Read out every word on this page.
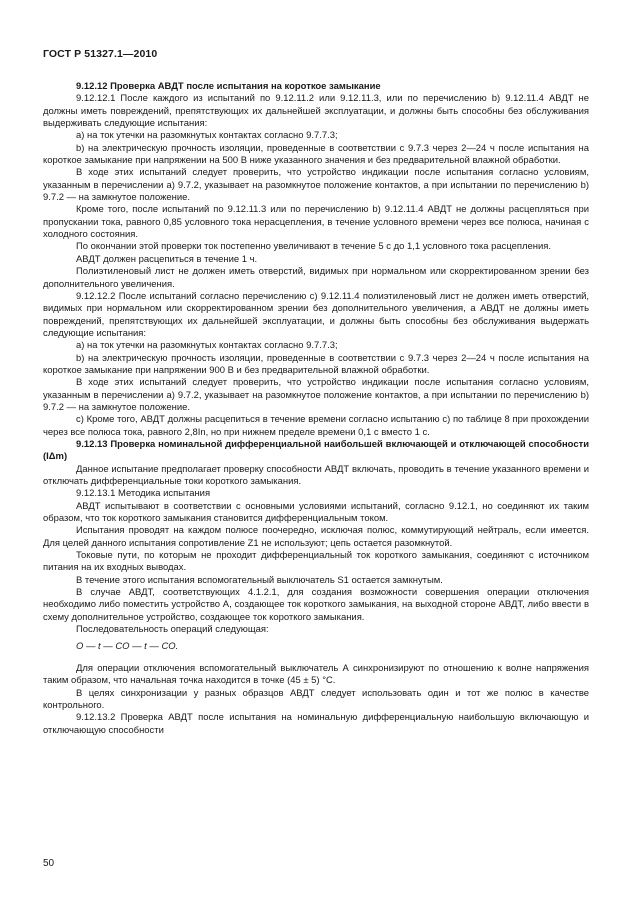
ГОСТ Р 51327.1—2010

9.12.12 Проверка АВДТ после испытания на короткое замыкание

9.12.12.1 После каждого из испытаний по 9.12.11.2 или 9.12.11.3, или по перечислению b) 9.12.11.4 АВДТ не должны иметь повреждений, препятствующих их дальнейшей эксплуатации, и должны быть способны без обслуживания выдерживать следующие испытания:

a) на ток утечки на разомкнутых контактах согласно 9.7.7.3;

b) на электрическую прочность изоляции, проведенные в соответствии с 9.7.3 через 2—24 ч после испытания на короткое замыкание при напряжении на 500 В ниже указанного значения и без предварительной влажной обработки.

В ходе этих испытаний следует проверить, что устройство индикации после испытания согласно условиям, указанным в перечислении а) 9.7.2, указывает на разомкнутое положение контактов, а при испытании по перечислению b) 9.7.2 — на замкнутое положение.

Кроме того, после испытаний по 9.12.11.3 или по перечислению b) 9.12.11.4 АВДТ не должны расцепляться при пропускании тока, равного 0,85 условного тока нерасцепления, в течение условного времени через все полюса, начиная с холодного состояния.

По окончании этой проверки ток постепенно увеличивают в течение 5 с до 1,1 условного тока расцепления.

АВДТ должен расцепиться в течение 1 ч.

Полиэтиленовый лист не должен иметь отверстий, видимых при нормальном или скорректированном зрении без дополнительного увеличения.

9.12.12.2 После испытаний согласно перечислению с) 9.12.11.4 полиэтиленовый лист не должен иметь отверстий, видимых при нормальном или скорректированном зрении без дополнительного увеличения, а АВДТ не должны иметь повреждений, препятствующих их дальнейшей эксплуатации, и должны быть способны без обслуживания выдержать следующие испытания:

a) на ток утечки на разомкнутых контактах согласно 9.7.7.3;

b) на электрическую прочность изоляции, проведенные в соответствии с 9.7.3 через 2—24 ч после испытания на короткое замыкание при напряжении 900 В и без предварительной влажной обработки.

В ходе этих испытаний следует проверить, что устройство индикации после испытания согласно условиям, указанным в перечислении а) 9.7.2, указывает на разомкнутое положение контактов, а при испытании по перечислению b) 9.7.2 — на замкнутое положение.

c) Кроме того, АВДТ должны расцепиться в течение времени согласно испытанию с) по таблице 8 при прохождении через все полюса тока, равного 2,8In, но при нижнем пределе времени 0,1 с вместо 1 с.

9.12.13 Проверка номинальной дифференциальной наибольшей включающей и отключающей способности (IΔm)

Данное испытание предполагает проверку способности АВДТ включать, проводить в течение указанного времени и отключать дифференциальные токи короткого замыкания.

9.12.13.1 Методика испытания

АВДТ испытывают в соответствии с основными условиями испытаний, согласно 9.12.1, но соединяют их таким образом, что ток короткого замыкания становится дифференциальным током.

Испытания проводят на каждом полюсе поочередно, исключая полюс, коммутирующий нейтраль, если имеется. Для целей данного испытания сопротивление Z1 не используют; цепь остается разомкнутой.

Токовые пути, по которым не проходит дифференциальный ток короткого замыкания, соединяют с источником питания на их входных выводах.

В течение этого испытания вспомогательный выключатель S1 остается замкнутым.

В случае АВДТ, соответствующих 4.1.2.1, для создания возможности совершения операции отключения необходимо либо поместить устройство А, создающее ток короткого замыкания, на выходной стороне АВДТ, либо ввести в схему дополнительное устройство, создающее ток короткого замыкания.

Последовательность операций следующая:

O — t — CO — t — CO.

Для операции отключения вспомогательный выключатель А синхронизируют по отношению к волне напряжения таким образом, что начальная точка находится в точке (45 ± 5) °С.

В целях синхронизации у разных образцов АВДТ следует использовать один и тот же полюс в качестве контрольного.

9.12.13.2 Проверка АВДТ после испытания на номинальную дифференциальную наибольшую включающую и отключающую способности

50
